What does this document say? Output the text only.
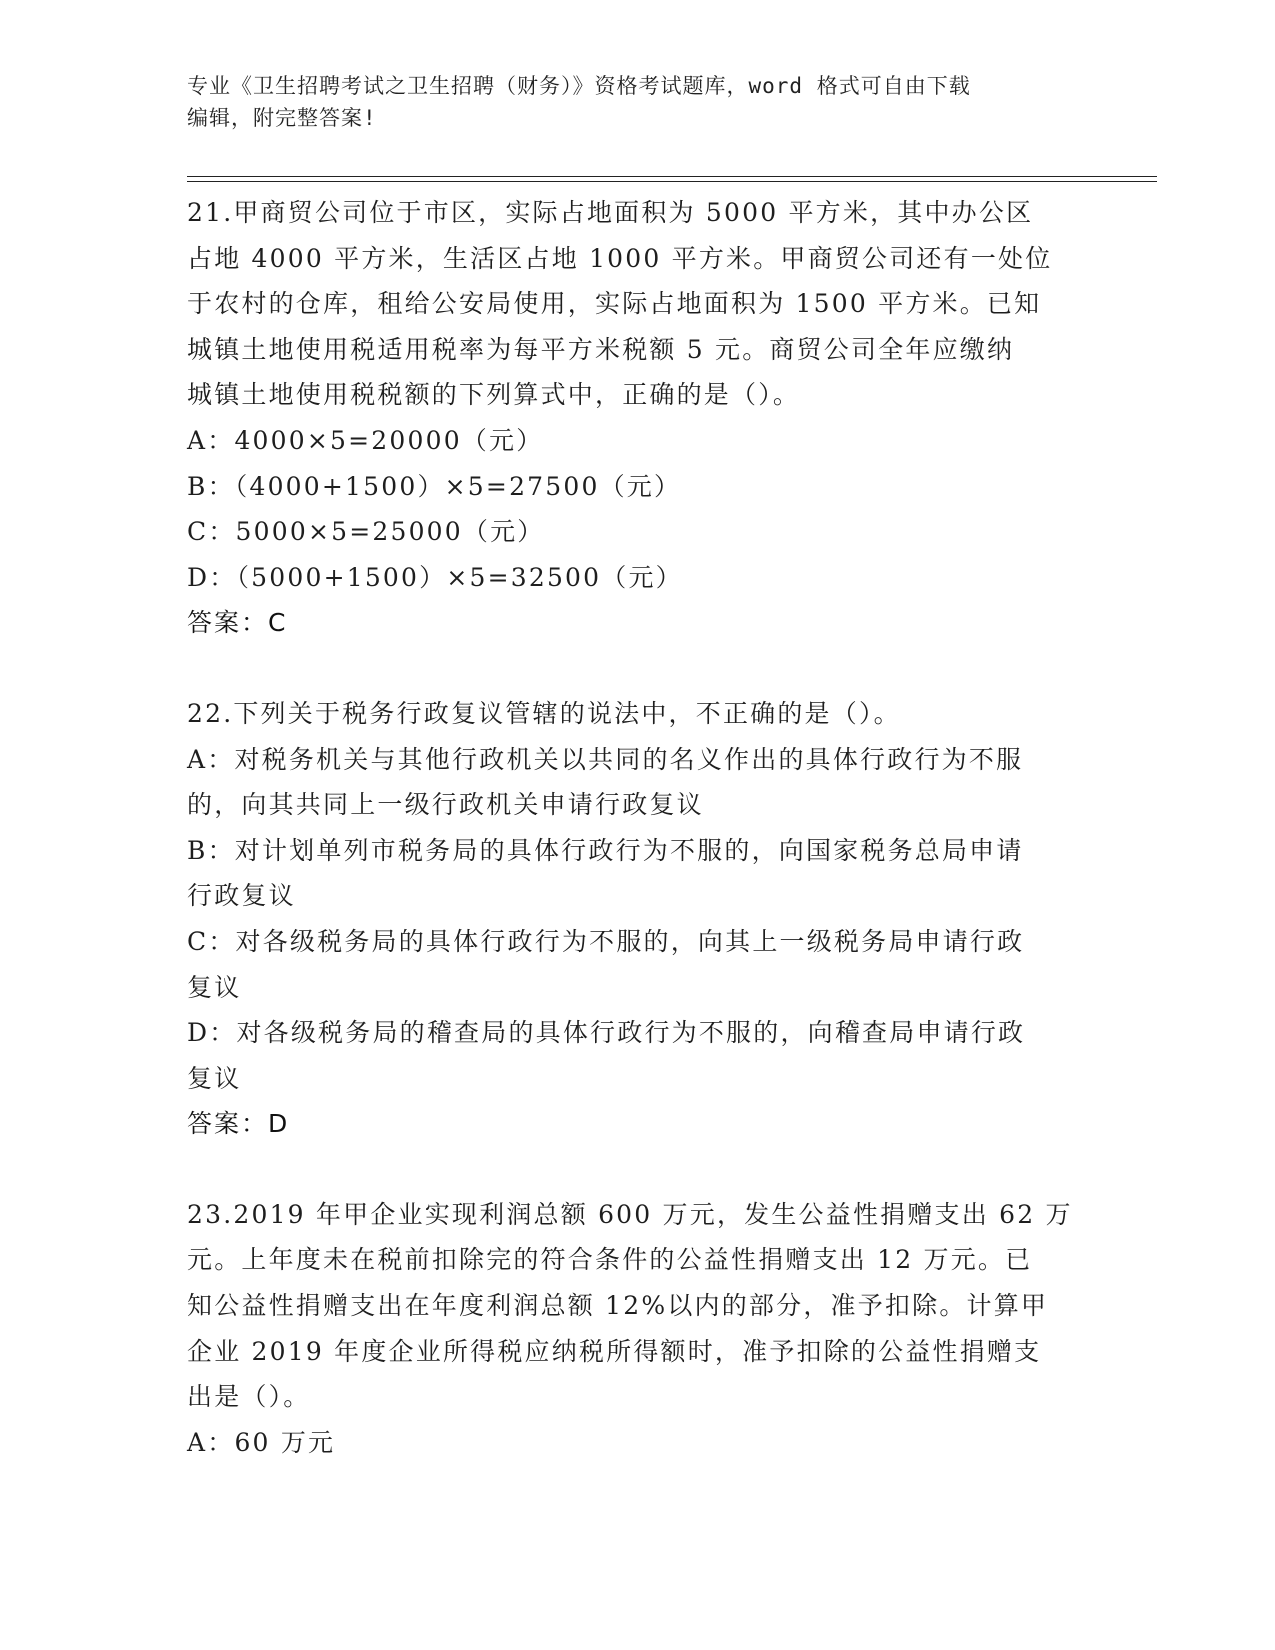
专业《卫生招聘考试之卫生招聘（财务）》资格考试题库，word 格式可自由下载
编辑，附完整答案!
21.甲商贸公司位于市区，实际占地面积为 5000 平方米，其中办公区
占地 4000 平方米，生活区占地 1000 平方米。甲商贸公司还有一处位
于农村的仓库，租给公安局使用，实际占地面积为 1500 平方米。已知
城镇土地使用税适用税率为每平方米税额 5 元。商贸公司全年应缴纳
城镇土地使用税税额的下列算式中，正确的是（）。
A：4000×5=20000（元）
B：（4000+1500）×5=27500（元）
C：5000×5=25000（元）
D：（5000+1500）×5=32500（元）
答案：C
22.下列关于税务行政复议管辖的说法中，不正确的是（）。
A：对税务机关与其他行政机关以共同的名义作出的具体行政行为不服
的，向其共同上一级行政机关申请行政复议
B：对计划单列市税务局的具体行政行为不服的，向国家税务总局申请
行政复议
C：对各级税务局的具体行政行为不服的，向其上一级税务局申请行政
复议
D：对各级税务局的稽查局的具体行政行为不服的，向稽查局申请行政
复议
答案：D
23.2019 年甲企业实现利润总额 600 万元，发生公益性捐赠支出 62 万
元。上年度未在税前扣除完的符合条件的公益性捐赠支出 12 万元。已
知公益性捐赠支出在年度利润总额 12%以内的部分，准予扣除。计算甲
企业 2019 年度企业所得税应纳税所得额时，准予扣除的公益性捐赠支
出是（）。
A：60 万元
